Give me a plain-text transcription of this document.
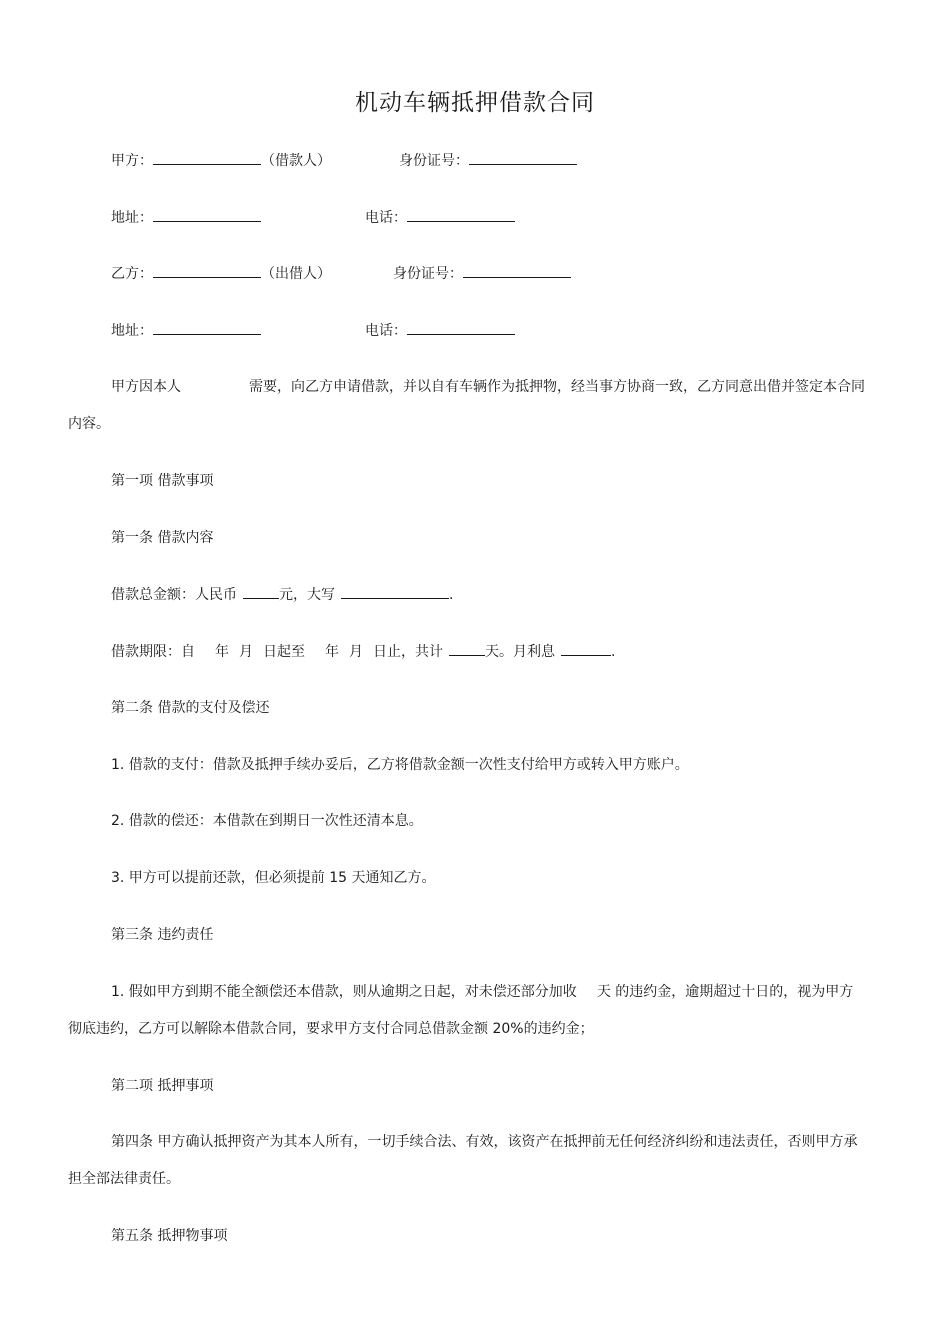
机动车辆抵押借款合同
甲方：	（借款人）	身份证号：
地址：	电话：
乙方：	（出借人）	身份证号：
地址：	电话：
甲方因本人	需要，向乙方申请借款，并以自有车辆作为抵押物，经当事方协商一致，乙方同意出借并签定本合同
内容。
第一项 借款事项
第一条 借款内容
借款总金额：人民币	元，大写	.
借款期限：自 年 月 日起至 年 月 日止，共计	天。月利息	.
第二条 借款的支付及偿还
1. 借款的支付：借款及抵押手续办妥后，乙方将借款金额一次性支付给甲方或转入甲方账户。
2. 借款的偿还：本借款在到期日一次性还清本息。
3. 甲方可以提前还款，但必须提前 15 天通知乙方。
第三条 违约责任
1. 假如甲方到期不能全额偿还本借款，则从逾期之日起，对未偿还部分加收 天 的违约金，逾期超过十日的，视为甲方
彻底违约，乙方可以解除本借款合同，要求甲方支付合同总借款金额 20%的违约金；
第二项 抵押事项
第四条 甲方确认抵押资产为其本人所有，一切手续合法、有效，该资产在抵押前无任何经济纠纷和违法责任，否则甲方承
担全部法律责任。
第五条 抵押物事项
